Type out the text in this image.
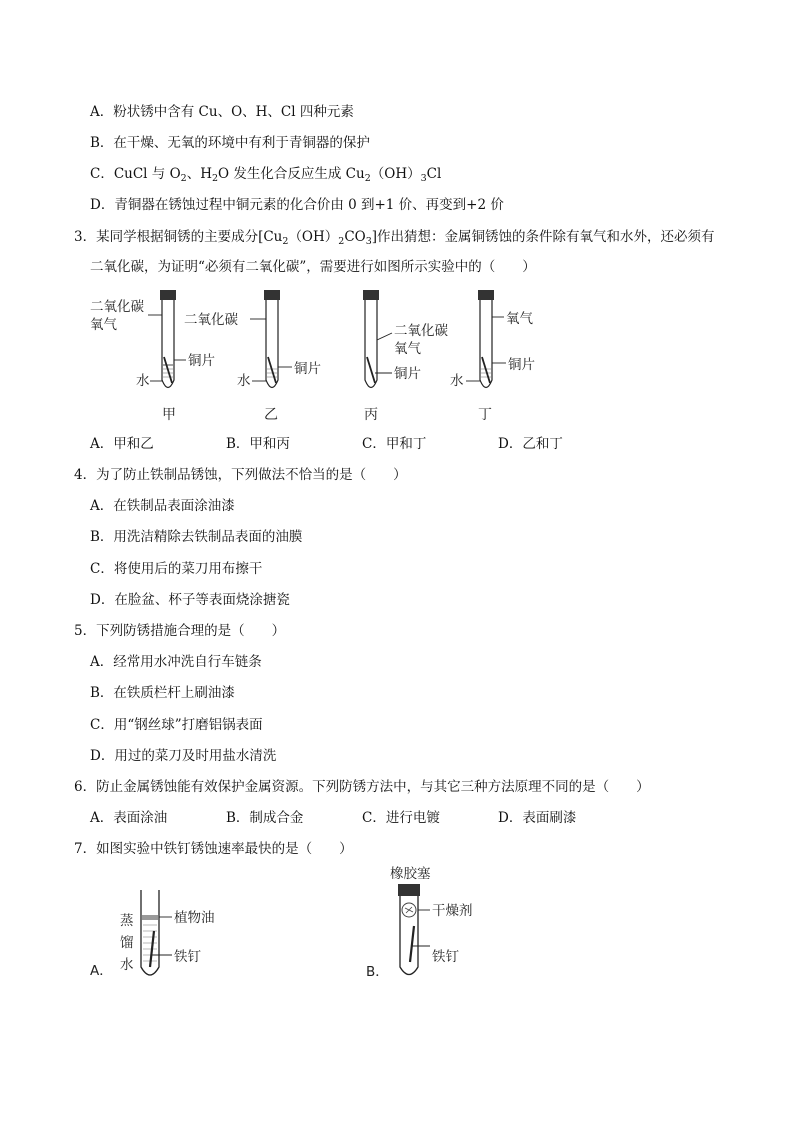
A．粉状锈中含有 Cu、O、H、Cl 四种元素
B．在干燥、无氧的环境中有利于青铜器的保护
C．CuCl 与 $O_2$、$H_2O$ 发生化合反应生成 $Cu_2(OH)_3Cl$
D．青铜器在锈蚀过程中铜元素的化合价由 0 到+1 价、再变到+2 价
3．某同学根据铜锈的主要成分$[Cu_2(OH)_2CO_3]$作出猜想：金属铜锈蚀的条件除有氧气和水外，还必须有
二氧化碳，为证明“必须有二氧化碳”，需要进行如图所示实验中的（　　）
二氧化碳
氧气
铜片
水
甲
二氧化碳
铜片
水
乙
二氧化碳
氧气
铜片
丙
氧气
铜片
水
丁
A．甲和乙	B．甲和丙	C．甲和丁	D．乙和丁
4．为了防止铁制品锈蚀，下列做法不恰当的是（　　）
A．在铁制品表面涂油漆
B．用洗洁精除去铁制品表面的油膜
C．将使用后的菜刀用布擦干
D．在脸盆、杯子等表面烧涂搪瓷
5．下列防锈措施合理的是（　　）
A．经常用水冲洗自行车链条
B．在铁质栏杆上刷油漆
C．用“钢丝球”打磨铝锅表面
D．用过的菜刀及时用盐水清洗
6．防止金属锈蚀能有效保护金属资源。下列防锈方法中，与其它三种方法原理不同的是（　　）
A．表面涂油	B．制成合金	C．进行电镀	D．表面刷漆
7．如图实验中铁钉锈蚀速率最快的是（　　）
A．
植物油
铁钉
蒸
馏
水	B．
橡胶塞
干燥剂
铁钉
